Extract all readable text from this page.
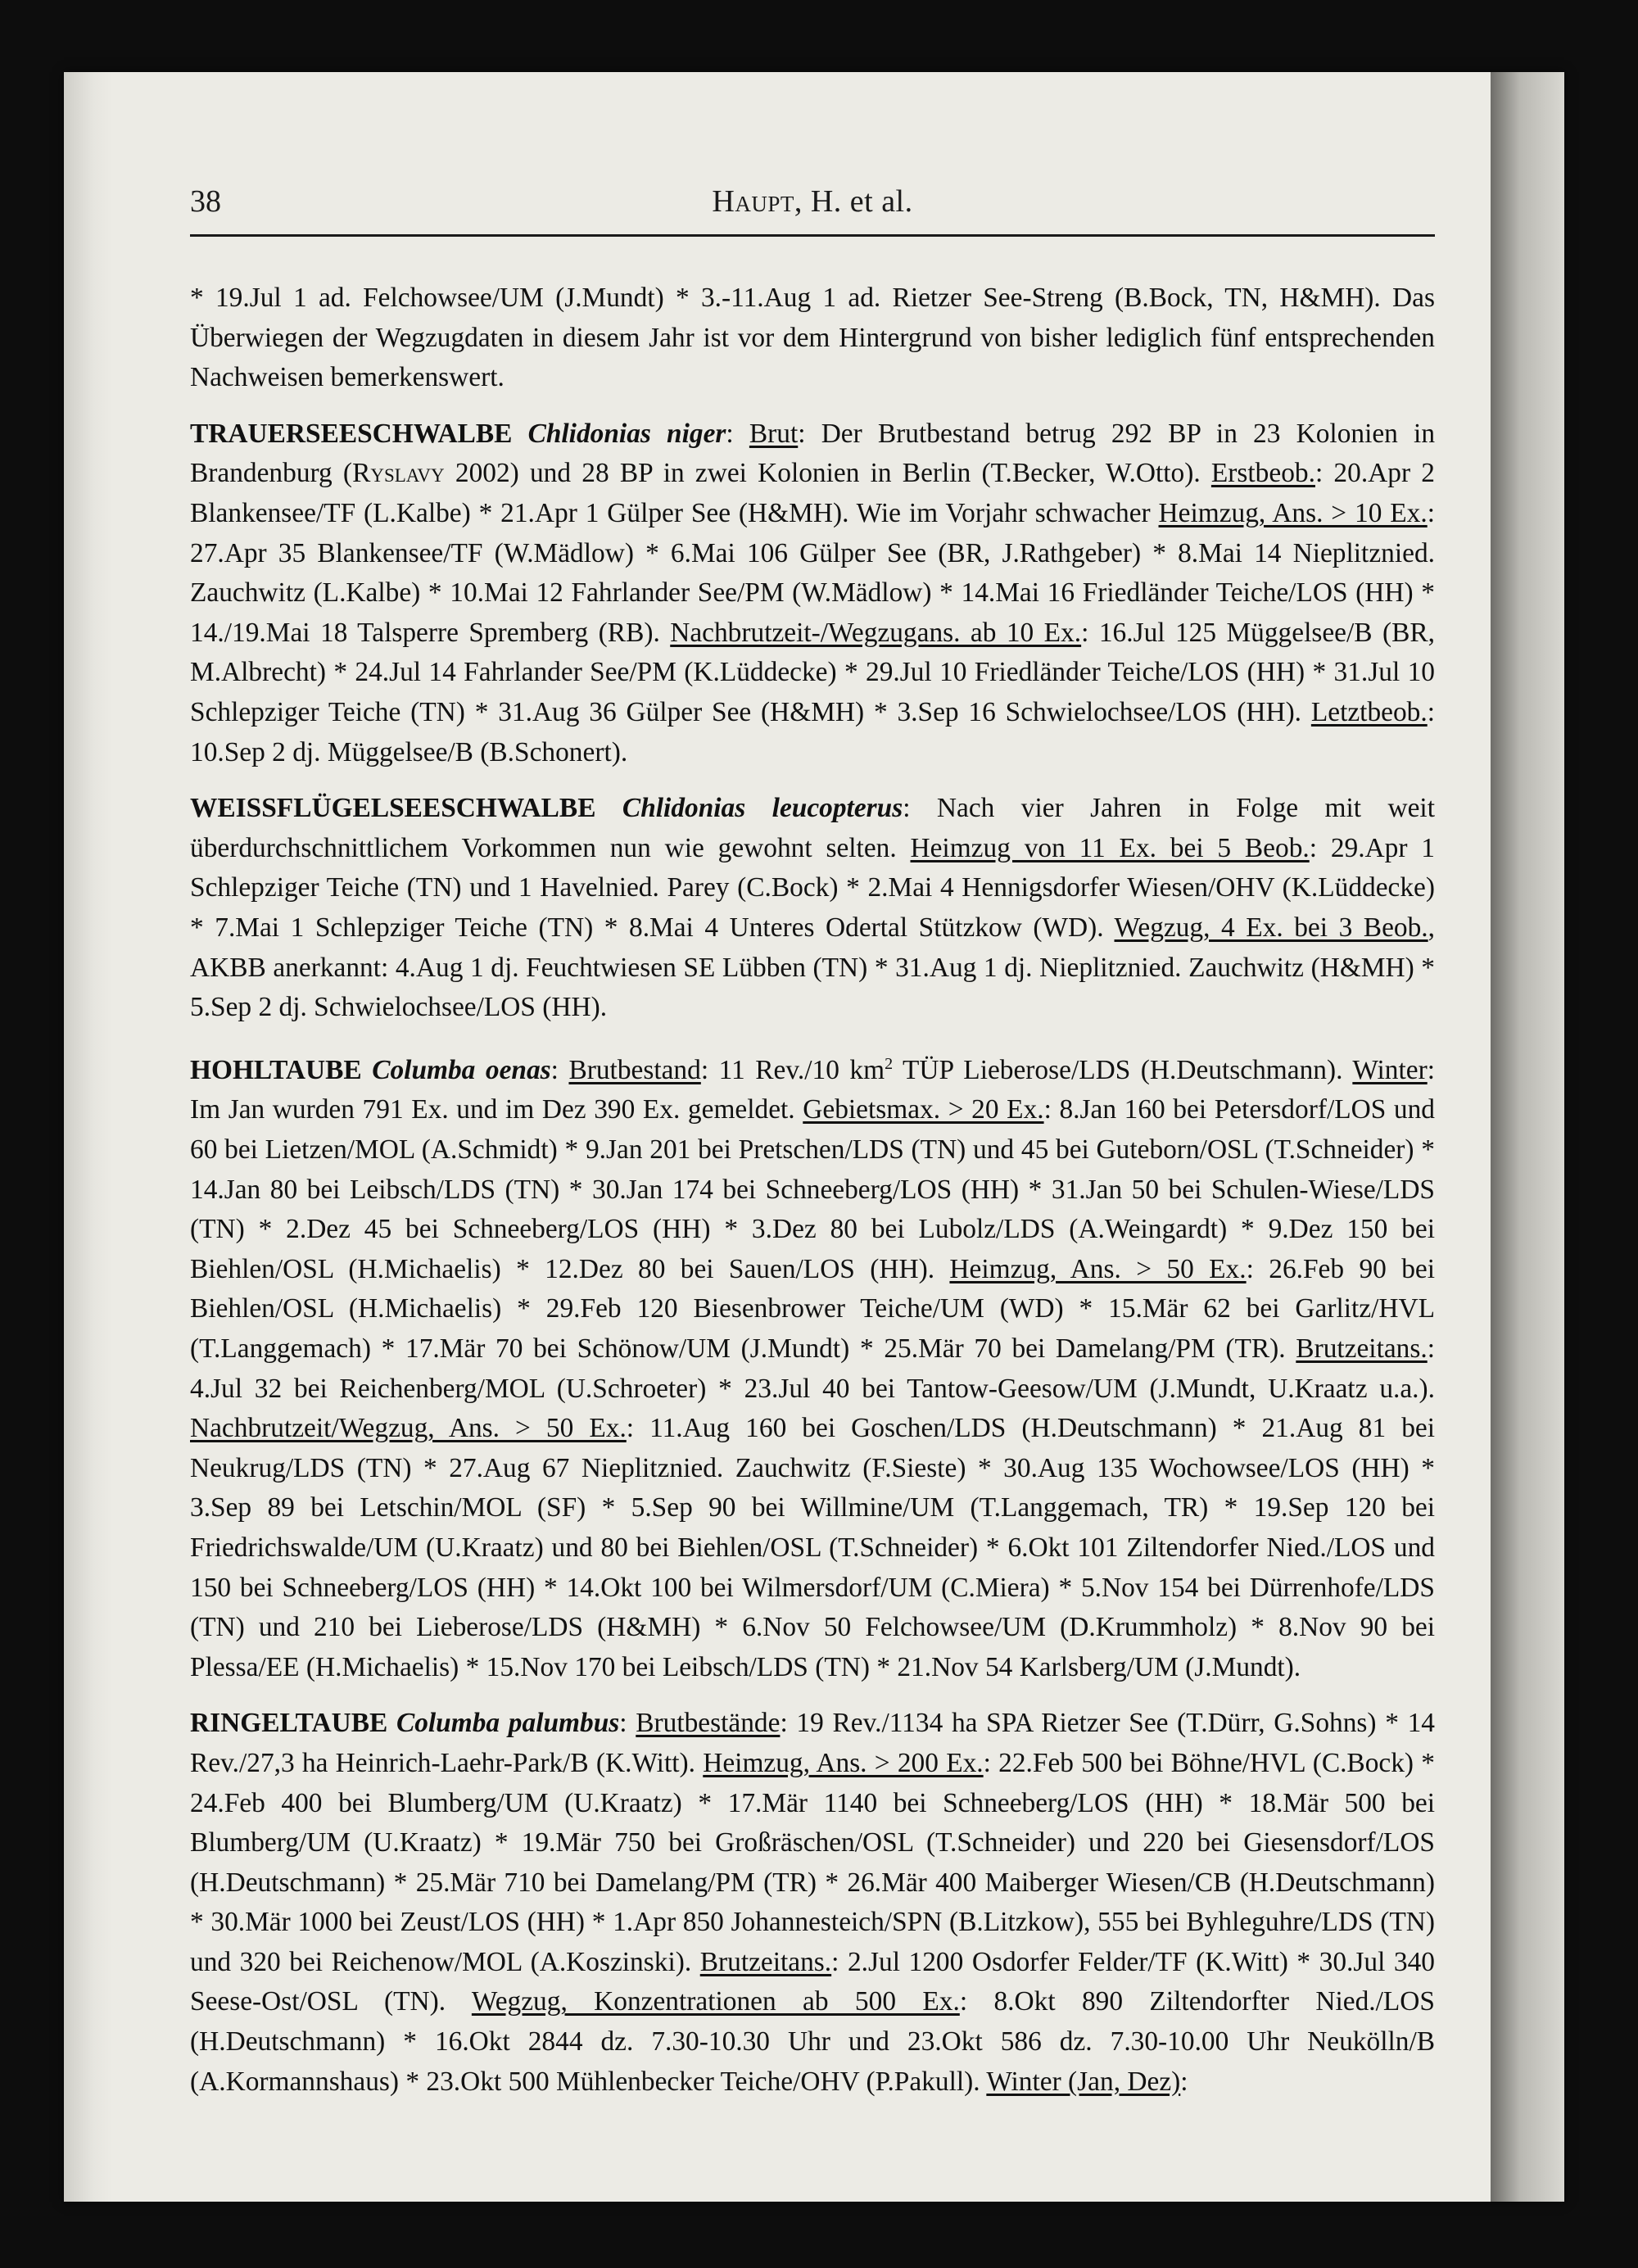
38	Haupt, H. et al.

* 19.Jul 1 ad. Felchowsee/UM (J.Mundt) * 3.-11.Aug 1 ad. Rietzer See-Streng (B.Bock, TN, H&MH). Das Überwiegen der Wegzugdaten in diesem Jahr ist vor dem Hintergrund von bisher lediglich fünf entsprechenden Nachweisen bemerkenswert.

TRAUERSEESCHWALBE Chlidonias niger: Brut: Der Brutbestand betrug 292 BP in 23 Kolonien in Brandenburg (Ryslavy 2002) und 28 BP in zwei Kolonien in Berlin (T.Becker, W.Otto). Erstbeob.: 20.Apr 2 Blankensee/TF (L.Kalbe) * 21.Apr 1 Gülper See (H&MH). Wie im Vorjahr schwacher Heimzug, Ans. > 10 Ex.: 27.Apr 35 Blankensee/TF (W.Mädlow) * 6.Mai 106 Gülper See (BR, J.Rathgeber) * 8.Mai 14 Nieplitznied. Zauchwitz (L.Kalbe) * 10.Mai 12 Fahrlander See/PM (W.Mädlow) * 14.Mai 16 Friedländer Teiche/LOS (HH) * 14./19.Mai 18 Talsperre Spremberg (RB). Nachbrutzeit-/Wegzugans. ab 10 Ex.: 16.Jul 125 Müggelsee/B (BR, M.Albrecht) * 24.Jul 14 Fahrlander See/PM (K.Lüddecke) * 29.Jul 10 Friedländer Teiche/LOS (HH) * 31.Jul 10 Schlepziger Teiche (TN) * 31.Aug 36 Gülper See (H&MH) * 3.Sep 16 Schwielochsee/LOS (HH). Letztbeob.: 10.Sep 2 dj. Müggelsee/B (B.Schonert).

WEISSFLÜGELSEESCHWALBE Chlidonias leucopterus: Nach vier Jahren in Folge mit weit überdurchschnittlichem Vorkommen nun wie gewohnt selten. Heimzug von 11 Ex. bei 5 Beob.: 29.Apr 1 Schlepziger Teiche (TN) und 1 Havelnied. Parey (C.Bock) * 2.Mai 4 Hennigsdorfer Wiesen/OHV (K.Lüddecke) * 7.Mai 1 Schlepziger Teiche (TN) * 8.Mai 4 Unteres Odertal Stützkow (WD). Wegzug, 4 Ex. bei 3 Beob., AKBB anerkannt: 4.Aug 1 dj. Feuchtwiesen SE Lübben (TN) * 31.Aug 1 dj. Nieplitznied. Zauchwitz (H&MH) * 5.Sep 2 dj. Schwielochsee/LOS (HH).

HOHLTAUBE Columba oenas: Brutbestand: 11 Rev./10 $km^2$ TÜP Lieberose/LDS (H.Deutschmann). Winter: Im Jan wurden 791 Ex. und im Dez 390 Ex. gemeldet. Gebietsmax. > 20 Ex.: 8.Jan 160 bei Petersdorf/LOS und 60 bei Lietzen/MOL (A.Schmidt) * 9.Jan 201 bei Pretschen/LDS (TN) und 45 bei Guteborn/OSL (T.Schneider) * 14.Jan 80 bei Leibsch/LDS (TN) * 30.Jan 174 bei Schneeberg/LOS (HH) * 31.Jan 50 bei Schulen-Wiese/LDS (TN) * 2.Dez 45 bei Schneeberg/LOS (HH) * 3.Dez 80 bei Lubolz/LDS (A.Weingardt) * 9.Dez 150 bei Biehlen/OSL (H.Michaelis) * 12.Dez 80 bei Sauen/LOS (HH). Heimzug, Ans. > 50 Ex.: 26.Feb 90 bei Biehlen/OSL (H.Michaelis) * 29.Feb 120 Biesenbrower Teiche/UM (WD) * 15.Mär 62 bei Garlitz/HVL (T.Langgemach) * 17.Mär 70 bei Schönow/UM (J.Mundt) * 25.Mär 70 bei Damelang/PM (TR). Brutzeitans.: 4.Jul 32 bei Reichenberg/MOL (U.Schroeter) * 23.Jul 40 bei Tantow-Geesow/UM (J.Mundt, U.Kraatz u.a.). Nachbrutzeit/Wegzug, Ans. > 50 Ex.: 11.Aug 160 bei Goschen/LDS (H.Deutschmann) * 21.Aug 81 bei Neukrug/LDS (TN) * 27.Aug 67 Nieplitznied. Zauchwitz (F.Sieste) * 30.Aug 135 Wochowsee/LOS (HH) * 3.Sep 89 bei Letschin/MOL (SF) * 5.Sep 90 bei Willmine/UM (T.Langgemach, TR) * 19.Sep 120 bei Friedrichswalde/UM (U.Kraatz) und 80 bei Biehlen/OSL (T.Schneider) * 6.Okt 101 Ziltendorfer Nied./LOS und 150 bei Schneeberg/LOS (HH) * 14.Okt 100 bei Wilmersdorf/UM (C.Miera) * 5.Nov 154 bei Dürrenhofe/LDS (TN) und 210 bei Lieberose/LDS (H&MH) * 6.Nov 50 Felchowsee/UM (D.Krummholz) * 8.Nov 90 bei Plessa/EE (H.Michaelis) * 15.Nov 170 bei Leibsch/LDS (TN) * 21.Nov 54 Karlsberg/UM (J.Mundt).

RINGELTAUBE Columba palumbus: Brutbestände: 19 Rev./1134 ha SPA Rietzer See (T.Dürr, G.Sohns) * 14 Rev./27,3 ha Heinrich-Laehr-Park/B (K.Witt). Heimzug, Ans. > 200 Ex.: 22.Feb 500 bei Böhne/HVL (C.Bock) * 24.Feb 400 bei Blumberg/UM (U.Kraatz) * 17.Mär 1140 bei Schneeberg/LOS (HH) * 18.Mär 500 bei Blumberg/UM (U.Kraatz) * 19.Mär 750 bei Großräschen/OSL (T.Schneider) und 220 bei Giesensdorf/LOS (H.Deutschmann) * 25.Mär 710 bei Damelang/PM (TR) * 26.Mär 400 Maiberger Wiesen/CB (H.Deutschmann) * 30.Mär 1000 bei Zeust/LOS (HH) * 1.Apr 850 Johannesteich/SPN (B.Litzkow), 555 bei Byhleguhre/LDS (TN) und 320 bei Reichenow/MOL (A.Koszinski). Brutzeitans.: 2.Jul 1200 Osdorfer Felder/TF (K.Witt) * 30.Jul 340 Seese-Ost/OSL (TN). Wegzug, Konzentrationen ab 500 Ex.: 8.Okt 890 Ziltendorfter Nied./LOS (H.Deutschmann) * 16.Okt 2844 dz. 7.30-10.30 Uhr und 23.Okt 586 dz. 7.30-10.00 Uhr Neukölln/B (A.Kormannshaus) * 23.Okt 500 Mühlenbecker Teiche/OHV (P.Pakull). Winter (Jan, Dez):
